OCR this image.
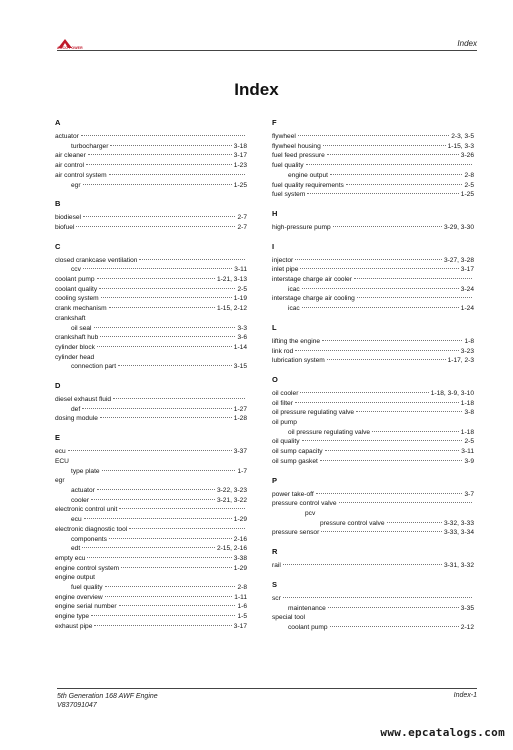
AGCO POWER	Index
Index
A
actuator
turbocharger	3-18
air cleaner	3-17
air control	1-23
air control system
egr	1-25
B
biodiesel	2-7
biofuel	2-7
C
closed crankcase ventilation
ccv	3-11
coolant pump	1-21, 3-13
coolant quality	2-5
cooling system	1-19
crank mechanism	1-15, 2-12
crankshaft
oil seal	3-3
crankshaft hub	3-6
cylinder block	1-14
cylinder head
connection part	3-15
D
diesel exhaust fluid
def	1-27
dosing module	1-28
E
ecu	3-37
ECU
type plate	1-7
egr
actuator	3-22, 3-23
cooler	3-21, 3-22
electronic control unit
ecu	1-29
electronic diagnostic tool
components	2-16
edt	2-15, 2-16
empty ecu	3-38
engine control system	1-29
engine output
fuel quality	2-8
engine overview	1-11
engine serial number	1-6
engine type	1-5
exhaust pipe	3-17
F
flywheel	2-3, 3-5
flywheel housing	1-15, 3-3
fuel feed pressure	3-26
fuel quality
engine output	2-8
fuel quality requirements	2-5
fuel system	1-25
H
high-pressure pump	3-29, 3-30
I
injector	3-27, 3-28
inlet pipe	3-17
interstage charge air cooler
icac	3-24
interstage charge air cooling
icac	1-24
L
lifting the engine	1-8
link rod	3-23
lubrication system	1-17, 2-3
O
oil cooler	1-18, 3-9, 3-10
oil filter	1-18
oil pressure regulating valve	3-8
oil pump
oil pressure regulating valve	1-18
oil quality	2-5
oil sump capacity	3-11
oil sump gasket	3-9
P
power take-off	3-7
pressure control valve
pcv
pressure control valve	3-32, 3-33
pressure sensor	3-33, 3-34
R
rail	3-31, 3-32
S
scr
maintenance	3-35
special tool
coolant pump	2-12
5th Generation 168 AWF Engine
V837091047
Index-1
www.epcatalogs.com
